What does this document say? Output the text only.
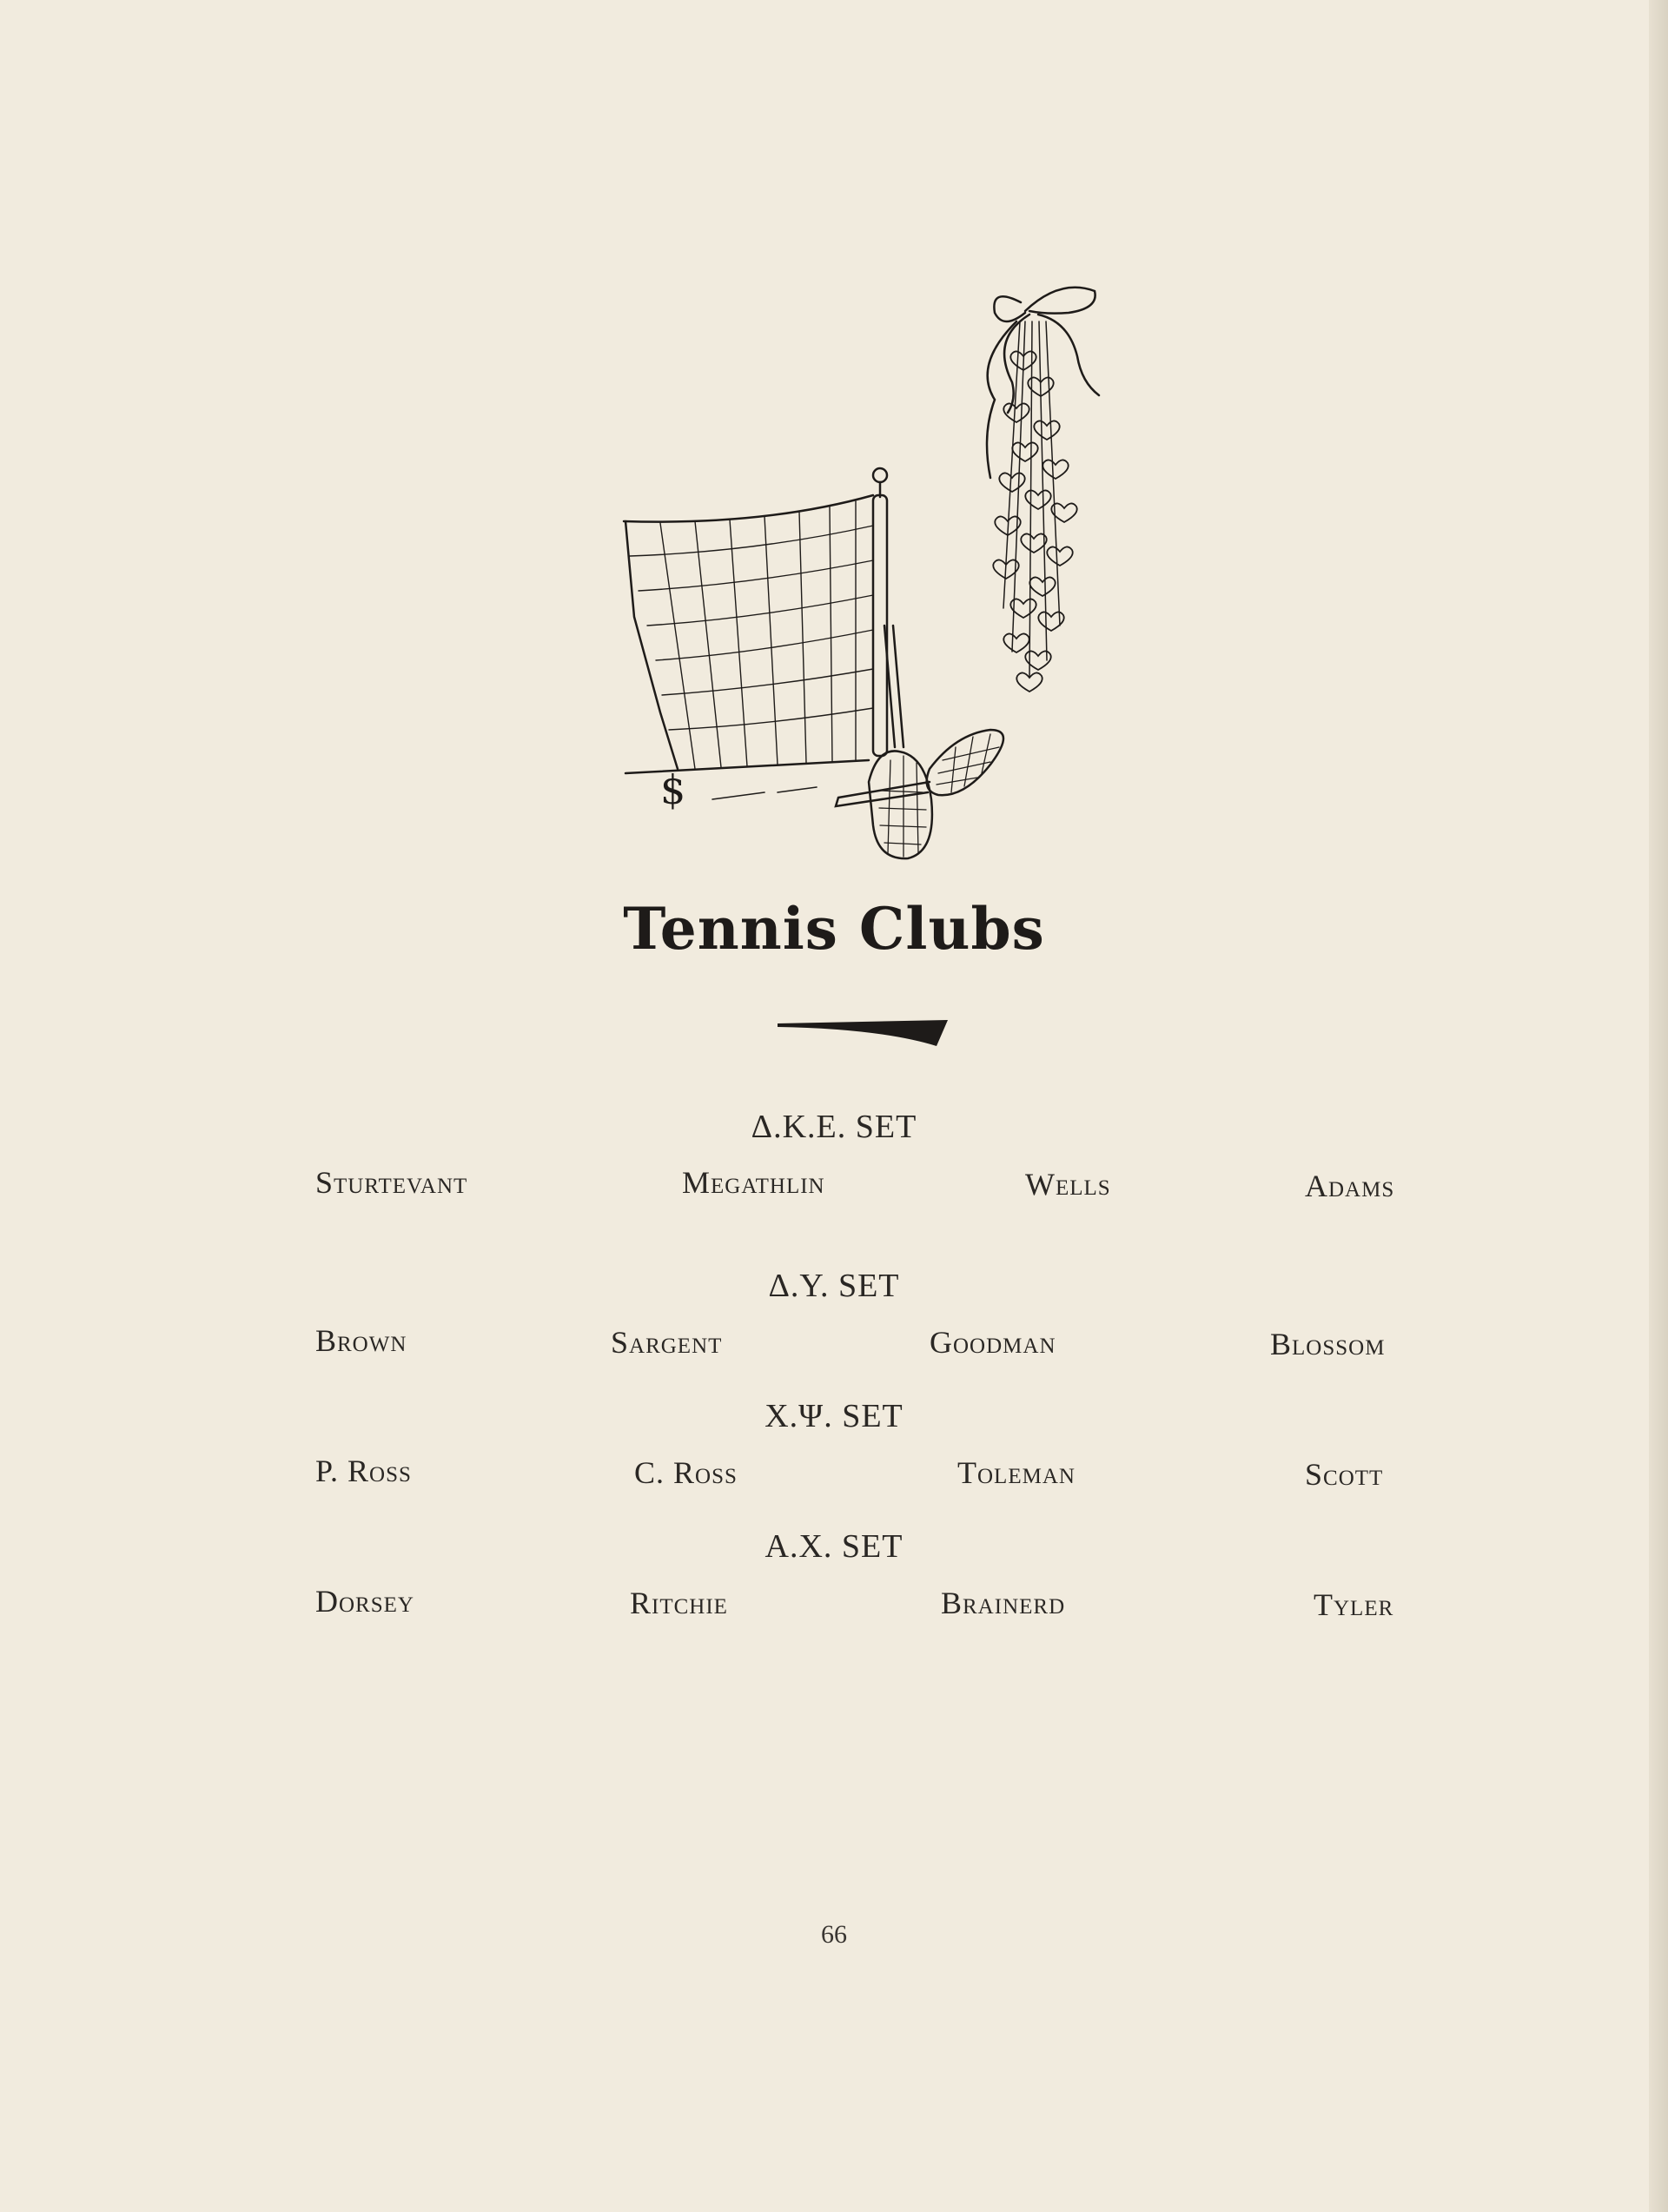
$
Tennis Clubs
Δ.K.E. SET
Sturtevant	Megathlin	Wells	Adams
Δ.Y. SET
Brown	Sargent	Goodman	Blossom
X.Ψ. SET
P. Ross	C. Ross	Toleman	Scott
A.X. SET
Dorsey	Ritchie	Brainerd	Tyler
66
